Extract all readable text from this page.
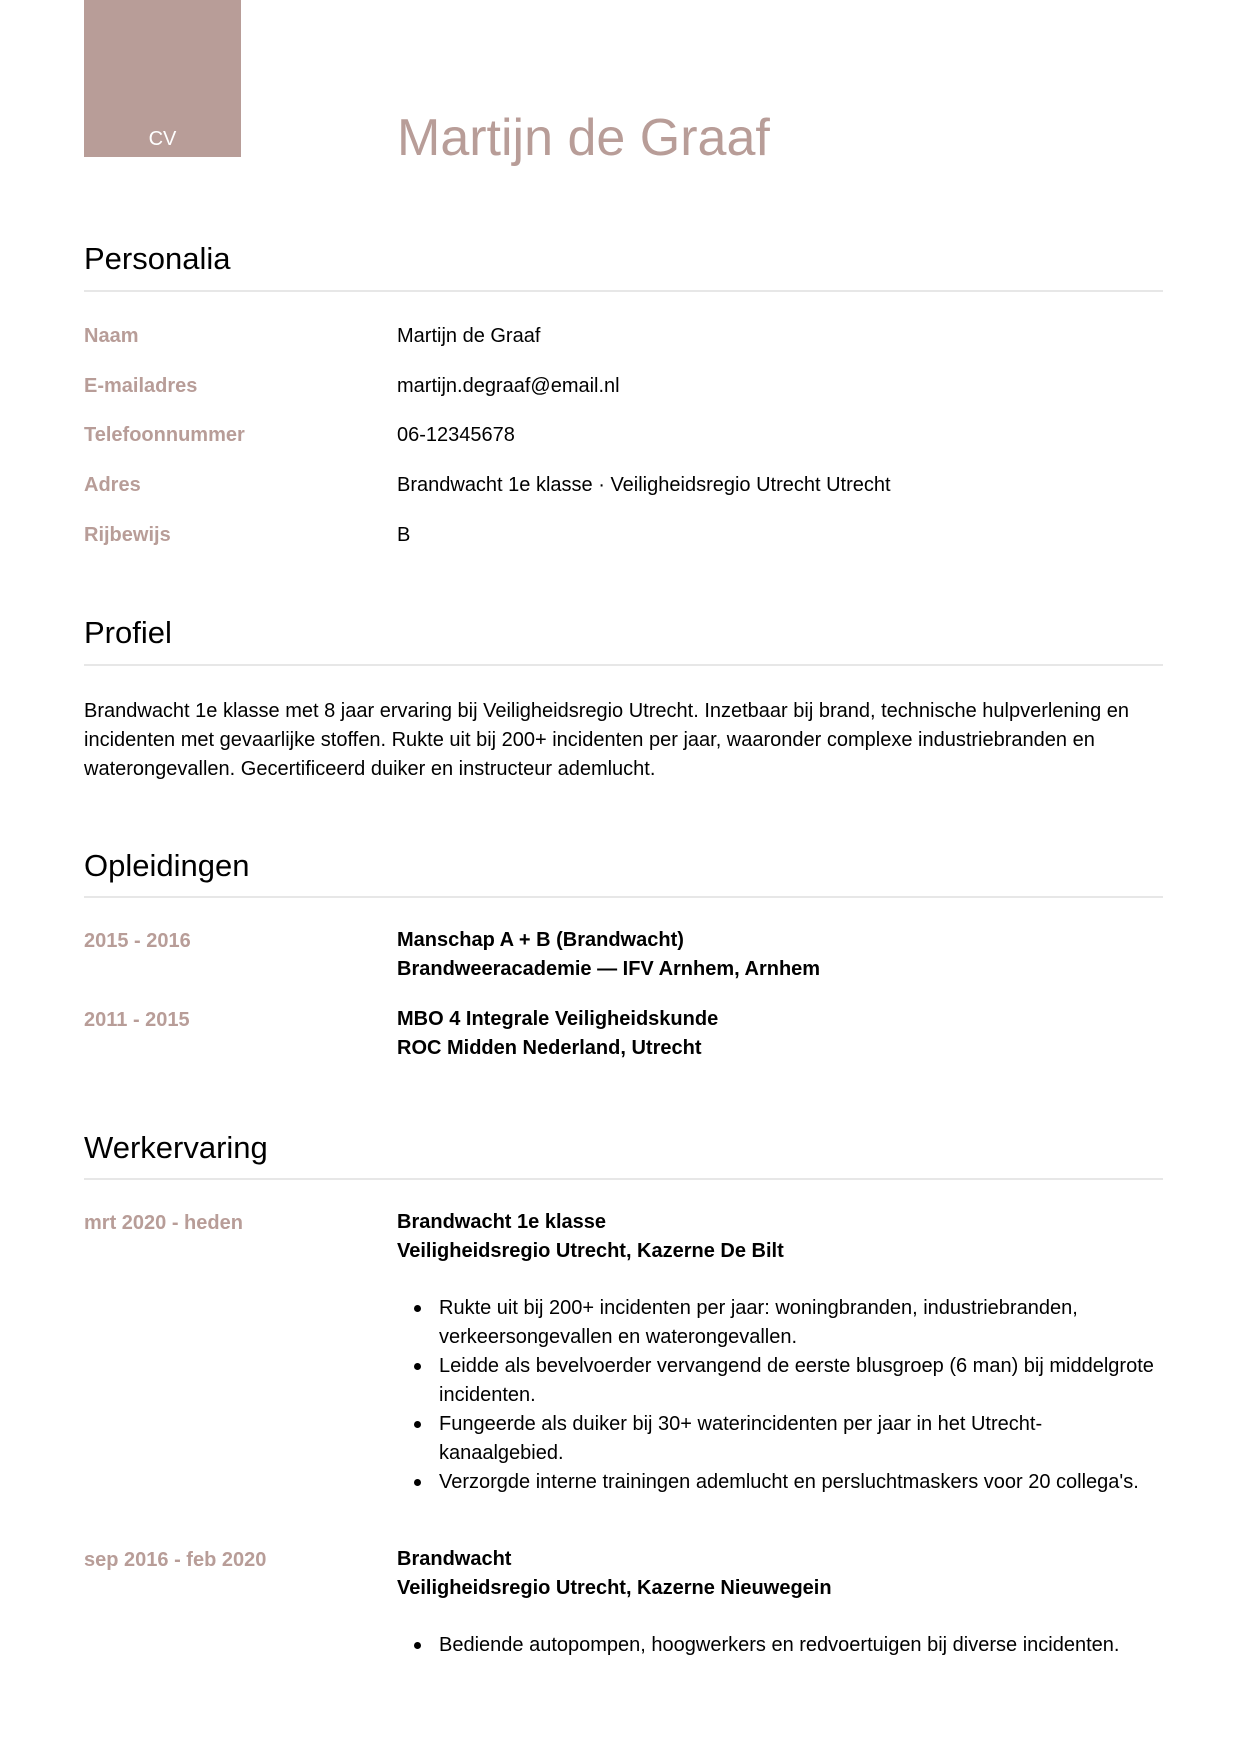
CV	Martijn de Graaf
Personalia
Naam	Martijn de Graaf
E-mailadres	martijn.degraaf@email.nl
Telefoonnummer	06-12345678
Adres	Brandwacht 1e klasse · Veiligheidsregio Utrecht Utrecht
Rijbewijs	B
Profiel
Brandwacht 1e klasse met 8 jaar ervaring bij Veiligheidsregio Utrecht. Inzetbaar bij brand, technische hulpverlening en incidenten met gevaarlijke stoffen. Rukte uit bij 200+ incidenten per jaar, waaronder complexe industriebranden en waterongevallen. Gecertificeerd duiker en instructeur ademlucht.
Opleidingen
2015 - 2016	Manschap A + B (Brandwacht)
Brandweeracademie — IFV Arnhem, Arnhem
2011 - 2015	MBO 4 Integrale Veiligheidskunde
ROC Midden Nederland, Utrecht
Werkervaring
mrt 2020 - heden	Brandwacht 1e klasse
Veiligheidsregio Utrecht, Kazerne De Bilt
Rukte uit bij 200+ incidenten per jaar: woningbranden, industriebranden, verkeersongevallen en waterongevallen.
Leidde als bevelvoerder vervangend de eerste blusgroep (6 man) bij middelgrote incidenten.
Fungeerde als duiker bij 30+ waterincidenten per jaar in het Utrecht-kanaalgebied.
Verzorgde interne trainingen ademlucht en persluchtmaskers voor 20 collega's.
sep 2016 - feb 2020	Brandwacht
Veiligheidsregio Utrecht, Kazerne Nieuwegein
Bediende autopompen, hoogwerkers en redvoertuigen bij diverse incidenten.
